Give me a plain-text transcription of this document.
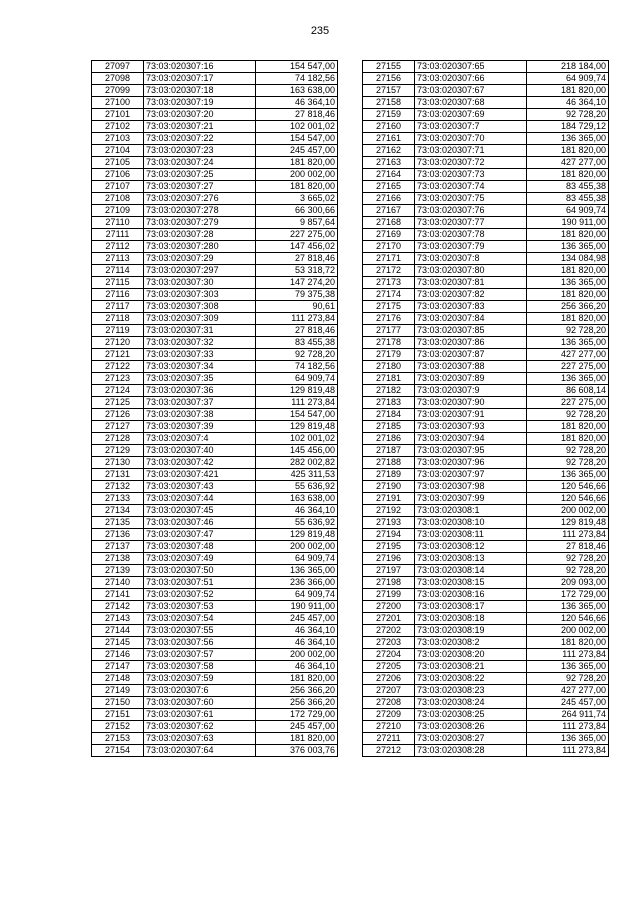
235
27097	73:03:020307:16	154 547,00
27098	73:03:020307:17	74 182,56
27099	73:03:020307:18	163 638,00
27100	73:03:020307:19	46 364,10
27101	73:03:020307:20	27 818,46
27102	73:03:020307:21	102 001,02
27103	73:03:020307:22	154 547,00
27104	73:03:020307:23	245 457,00
27105	73:03:020307:24	181 820,00
27106	73:03:020307:25	200 002,00
27107	73:03:020307:27	181 820,00
27108	73:03:020307:276	3 665,02
27109	73:03:020307:278	66 300,66
27110	73:03:020307:279	9 857,64
27111	73:03:020307:28	227 275,00
27112	73:03:020307:280	147 456,02
27113	73:03:020307:29	27 818,46
27114	73:03:020307:297	53 318,72
27115	73:03:020307:30	147 274,20
27116	73:03:020307:303	79 375,38
27117	73:03:020307:308	90,61
27118	73:03:020307:309	111 273,84
27119	73:03:020307:31	27 818,46
27120	73:03:020307:32	83 455,38
27121	73:03:020307:33	92 728,20
27122	73:03:020307:34	74 182,56
27123	73:03:020307:35	64 909,74
27124	73:03:020307:36	129 819,48
27125	73:03:020307:37	111 273,84
27126	73:03:020307:38	154 547,00
27127	73:03:020307:39	129 819,48
27128	73:03:020307:4	102 001,02
27129	73:03:020307:40	145 456,00
27130	73:03:020307:42	282 002,82
27131	73:03:020307:421	425 311,53
27132	73:03:020307:43	55 636,92
27133	73:03:020307:44	163 638,00
27134	73:03:020307:45	46 364,10
27135	73:03:020307:46	55 636,92
27136	73:03:020307:47	129 819,48
27137	73:03:020307:48	200 002,00
27138	73:03:020307:49	64 909,74
27139	73:03:020307:50	136 365,00
27140	73:03:020307:51	236 366,00
27141	73:03:020307:52	64 909,74
27142	73:03:020307:53	190 911,00
27143	73:03:020307:54	245 457,00
27144	73:03:020307:55	46 364,10
27145	73:03:020307:56	46 364,10
27146	73:03:020307:57	200 002,00
27147	73:03:020307:58	46 364,10
27148	73:03:020307:59	181 820,00
27149	73:03:020307:6	256 366,20
27150	73:03:020307:60	256 366,20
27151	73:03:020307:61	172 729,00
27152	73:03:020307:62	245 457,00
27153	73:03:020307:63	181 820,00
27154	73:03:020307:64	376 003,76
27155	73:03:020307:65	218 184,00
27156	73:03:020307:66	64 909,74
27157	73:03:020307:67	181 820,00
27158	73:03:020307:68	46 364,10
27159	73:03:020307:69	92 728,20
27160	73:03:020307:7	184 729,12
27161	73:03:020307:70	136 365,00
27162	73:03:020307:71	181 820,00
27163	73:03:020307:72	427 277,00
27164	73:03:020307:73	181 820,00
27165	73:03:020307:74	83 455,38
27166	73:03:020307:75	83 455,38
27167	73:03:020307:76	64 909,74
27168	73:03:020307:77	190 911,00
27169	73:03:020307:78	181 820,00
27170	73:03:020307:79	136 365,00
27171	73:03:020307:8	134 084,98
27172	73:03:020307:80	181 820,00
27173	73:03:020307:81	136 365,00
27174	73:03:020307:82	181 820,00
27175	73:03:020307:83	256 366,20
27176	73:03:020307:84	181 820,00
27177	73:03:020307:85	92 728,20
27178	73:03:020307:86	136 365,00
27179	73:03:020307:87	427 277,00
27180	73:03:020307:88	227 275,00
27181	73:03:020307:89	136 365,00
27182	73:03:020307:9	86 608,14
27183	73:03:020307:90	227 275,00
27184	73:03:020307:91	92 728,20
27185	73:03:020307:93	181 820,00
27186	73:03:020307:94	181 820,00
27187	73:03:020307:95	92 728,20
27188	73:03:020307:96	92 728,20
27189	73:03:020307:97	136 365,00
27190	73:03:020307:98	120 546,66
27191	73:03:020307:99	120 546,66
27192	73:03:020308:1	200 002,00
27193	73:03:020308:10	129 819,48
27194	73:03:020308:11	111 273,84
27195	73:03:020308:12	27 818,46
27196	73:03:020308:13	92 728,20
27197	73:03:020308:14	92 728,20
27198	73:03:020308:15	209 093,00
27199	73:03:020308:16	172 729,00
27200	73:03:020308:17	136 365,00
27201	73:03:020308:18	120 546,66
27202	73:03:020308:19	200 002,00
27203	73:03:020308:2	181 820,00
27204	73:03:020308:20	111 273,84
27205	73:03:020308:21	136 365,00
27206	73:03:020308:22	92 728,20
27207	73:03:020308:23	427 277,00
27208	73:03:020308:24	245 457,00
27209	73:03:020308:25	264 911,74
27210	73:03:020308:26	111 273,84
27211	73:03:020308:27	136 365,00
27212	73:03:020308:28	111 273,84
